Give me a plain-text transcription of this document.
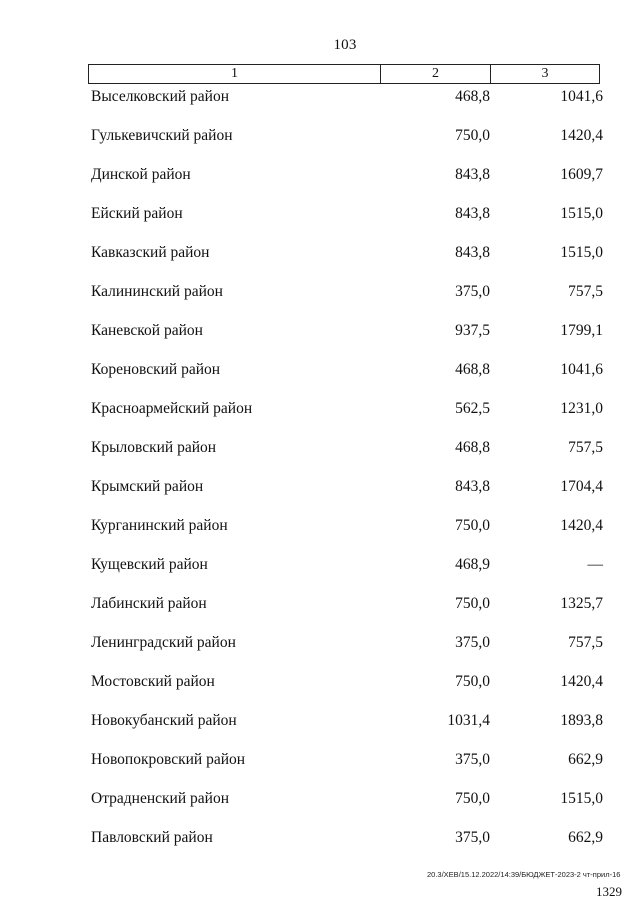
103
1	2	3
Выселковский район	468,8	1041,6
Гулькевичский район	750,0	1420,4
Динской район	843,8	1609,7
Ейский район	843,8	1515,0
Кавказский район	843,8	1515,0
Калининский район	375,0	757,5
Каневской район	937,5	1799,1
Кореновский район	468,8	1041,6
Красноармейский район	562,5	1231,0
Крыловский район	468,8	757,5
Крымский район	843,8	1704,4
Курганинский район	750,0	1420,4
Кущевский район	468,9	—
Лабинский район	750,0	1325,7
Ленинградский район	375,0	757,5
Мостовский район	750,0	1420,4
Новокубанский район	1031,4	1893,8
Новопокровский район	375,0	662,9
Отрадненский район	750,0	1515,0
Павловский район	375,0	662,9
20.3/ХЕВ/15.12.2022/14:39/БЮДЖЕТ-2023-2 чт-прил-16
1329
